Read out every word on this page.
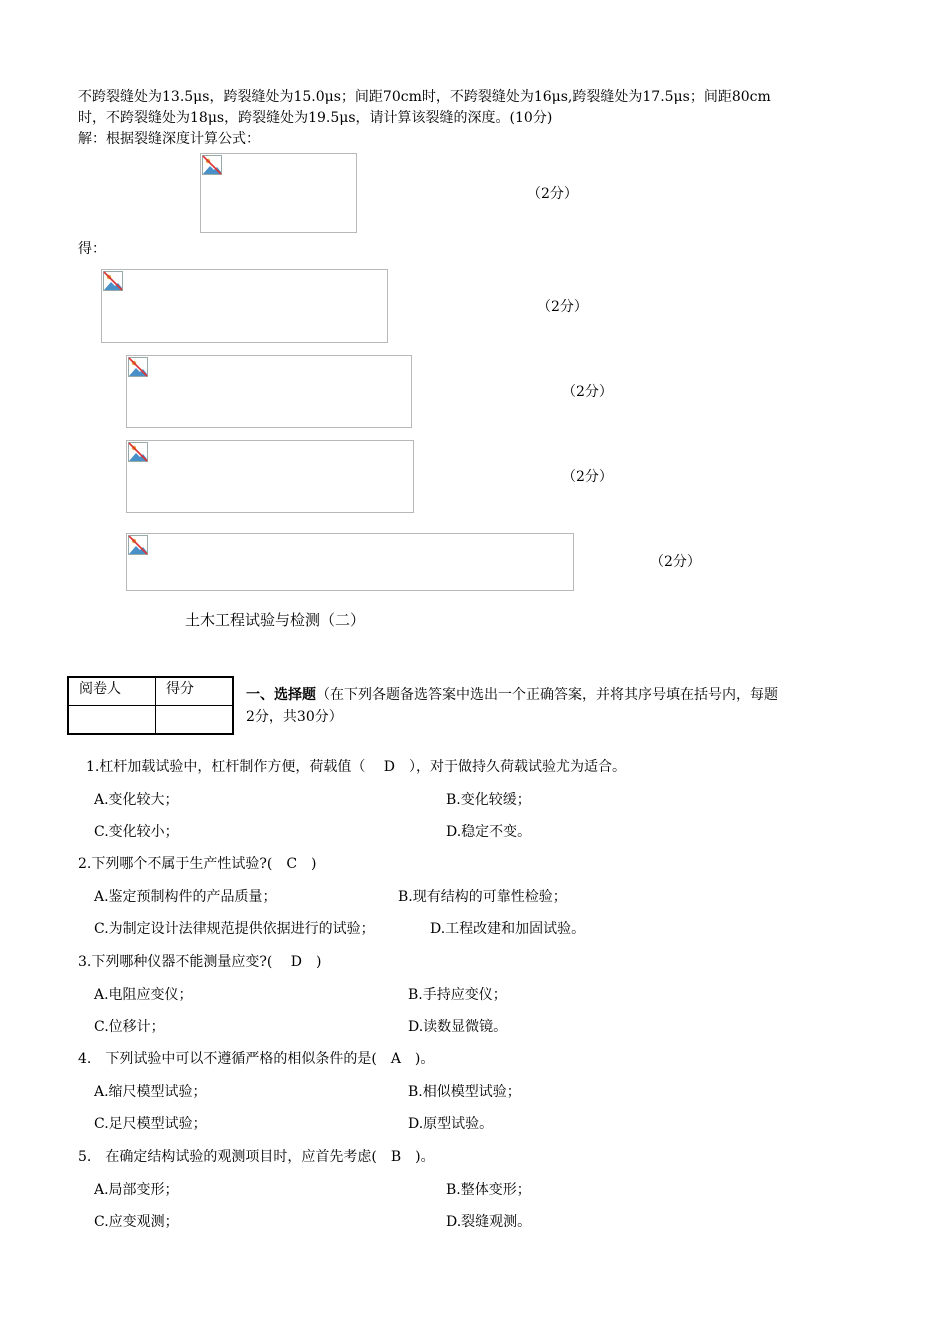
不跨裂缝处为13.5μs，跨裂缝处为15.0μs；间距70cm时，不跨裂缝处为16μs,跨裂缝处为17.5μs；间距80cm
时，不跨裂缝处为18μs，跨裂缝处为19.5μs，请计算该裂缝的深度。(10分)
解：根据裂缝深度计算公式：
（2分）
得：
（2分）
（2分）
（2分）
（2分）
土木工程试验与检测（二）
阅卷人	得分
		一、选择题（在下列各题备选答案中选出一个正确答案，并将其序号填在括号内，每题
2分，共30分）
1.杠杆加载试验中，杠杆制作方便，荷载值（　 D　），对于做持久荷载试验尤为适合。
A.变化较大；	B.变化较缓；
C.变化较小；	D.稳定不变。
2.下列哪个不属于生产性试验?(　C　)
A.鉴定预制构件的产品质量；	B.现有结构的可靠性检验；
C.为制定设计法律规范提供依据进行的试验；	D.工程改建和加固试验。
3.下列哪种仪器不能测量应变?(　 D　)
A.电阻应变仪；	B.手持应变仪；
C.位移计；	D.读数显微镜。
4.　下列试验中可以不遵循严格的相似条件的是(　A　)。
A.缩尺模型试验；	B.相似模型试验；
C.足尺模型试验；	D.原型试验。
5.　在确定结构试验的观测项目时，应首先考虑(　B　)。
A.局部变形；	B.整体变形；
C.应变观测；	D.裂缝观测。
